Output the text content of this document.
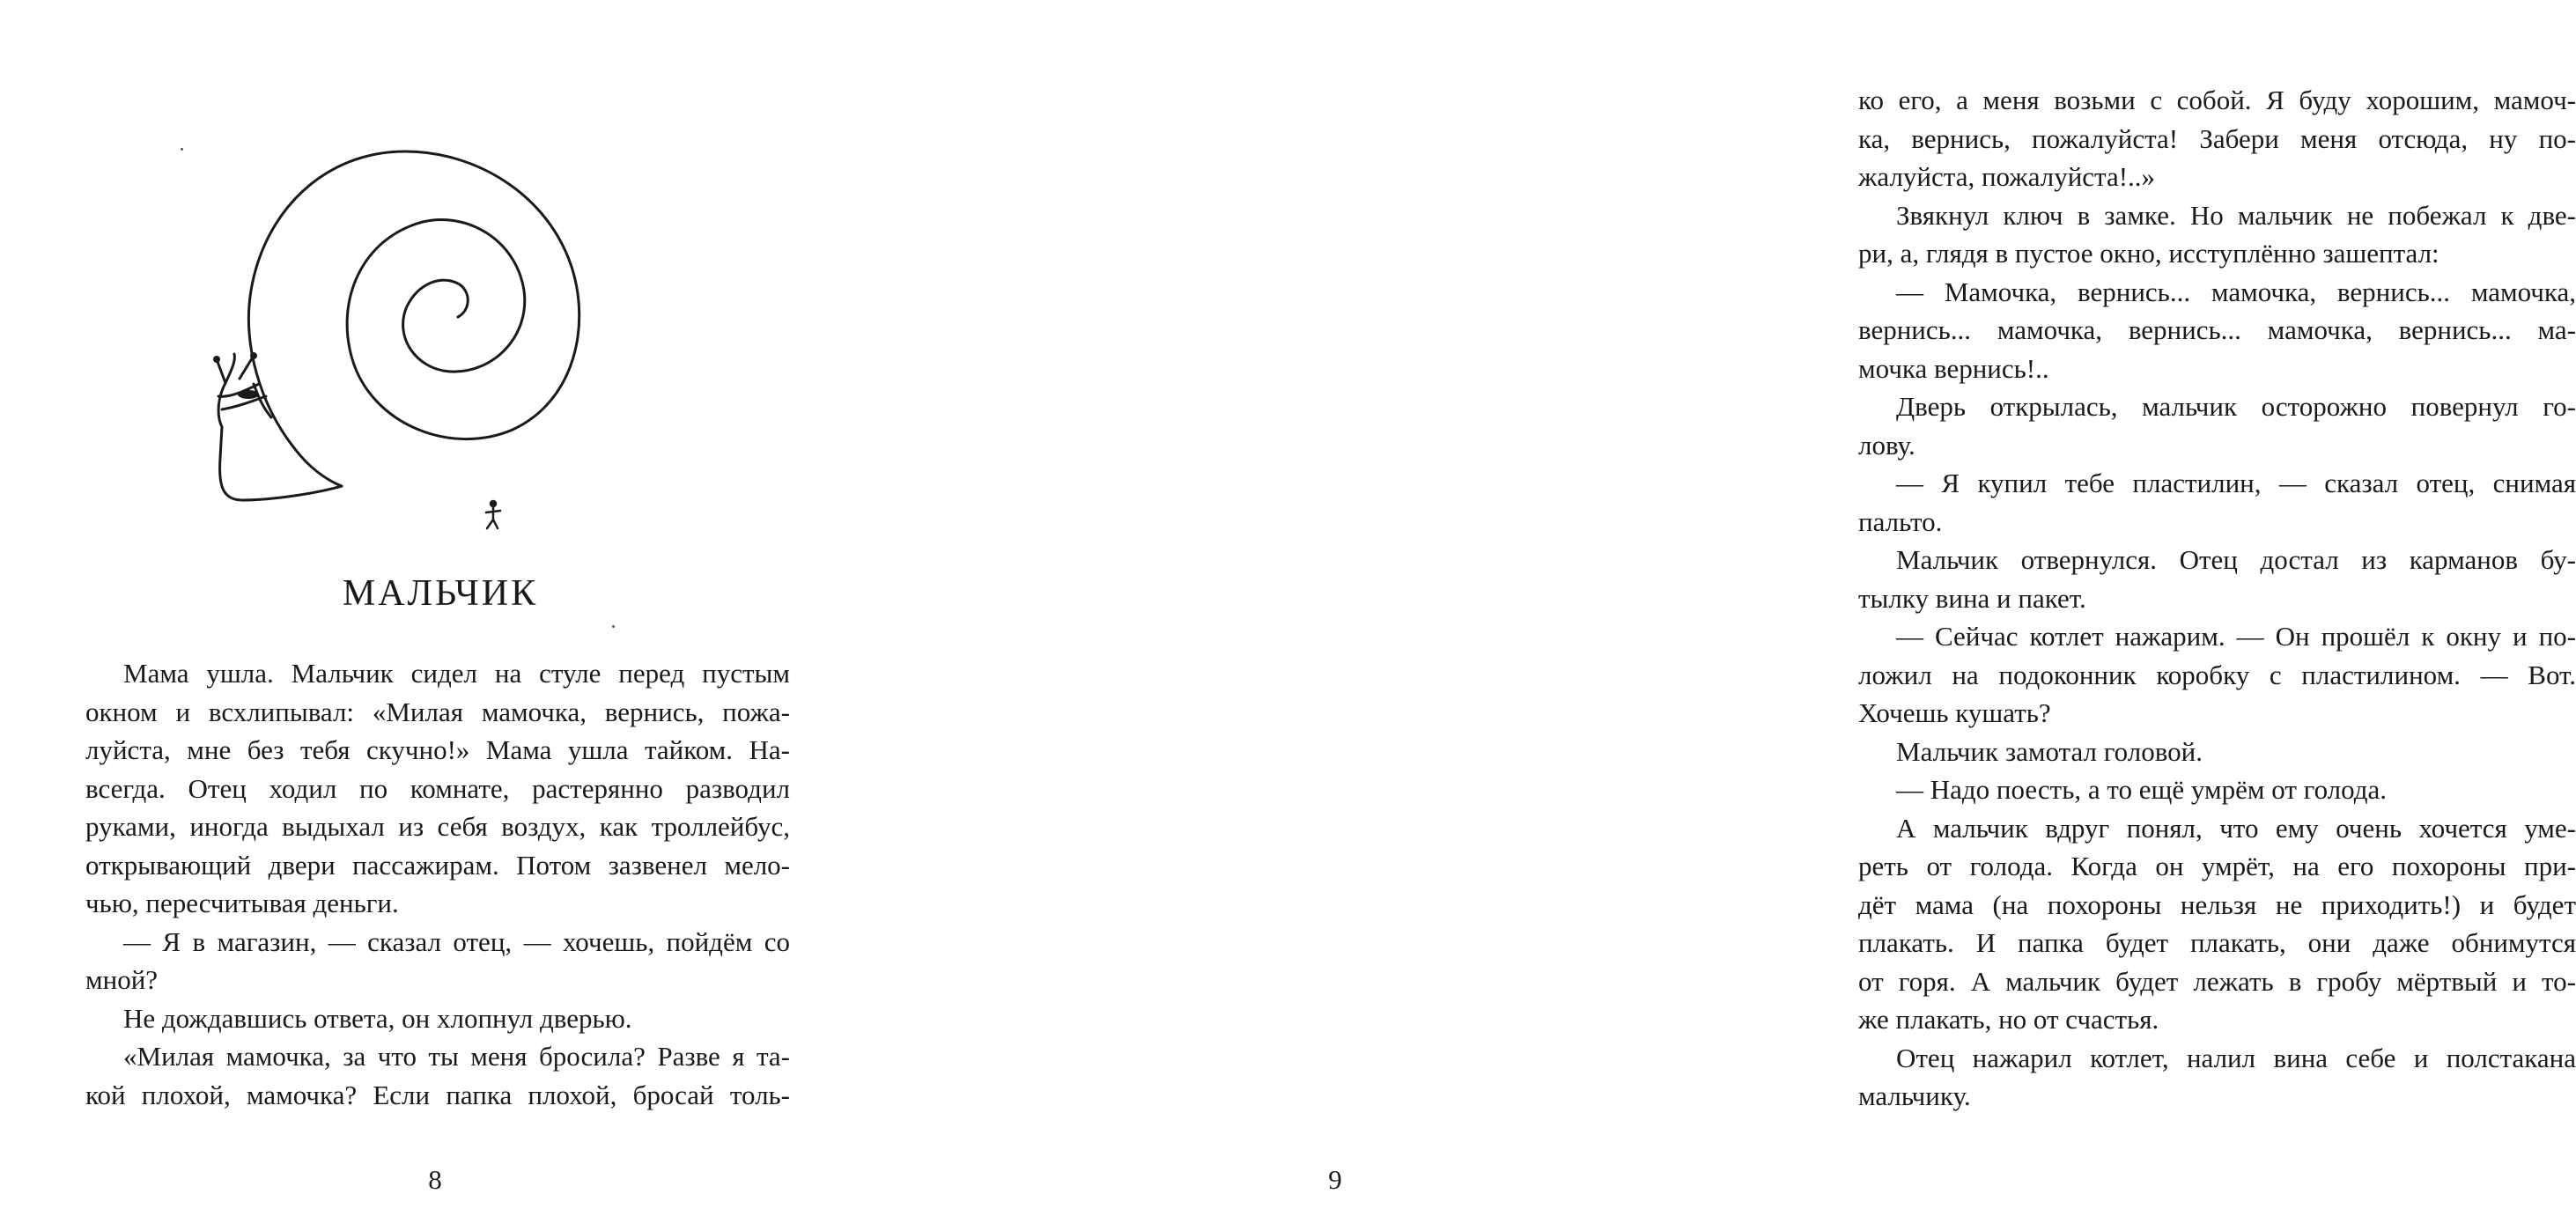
МАЛЬЧИК
Мама ушла. Мальчик сидел на стуле перед пустым
окном и всхлипывал: «Милая мамочка, вернись, пожа-
луйста, мне без тебя скучно!» Мама ушла тайком. На-
всегда. Отец ходил по комнате, растерянно разводил
руками, иногда выдыхал из себя воздух, как троллейбус,
открывающий двери пассажирам. Потом зазвенел мело-
чью, пересчитывая деньги.
— Я в магазин, — сказал отец, — хочешь, пойдём со
мной?
Не дождавшись ответа, он хлопнул дверью.
«Милая мамочка, за что ты меня бросила? Разве я та-
кой плохой, мамочка? Если папка плохой, бросай толь-
8
ко его, а меня возьми с собой. Я буду хорошим, мамоч-
ка, вернись, пожалуйста! Забери меня отсюда, ну по-
жалуйста, пожалуйста!..»
Звякнул ключ в замке. Но мальчик не побежал к две-
ри, а, глядя в пустое окно, исступлённо зашептал:
— Мамочка, вернись... мамочка, вернись... мамочка,
вернись... мамочка, вернись... мамочка, вернись... ма-
мочка вернись!..
Дверь открылась, мальчик осторожно повернул го-
лову.
— Я купил тебе пластилин, — сказал отец, снимая
пальто.
Мальчик отвернулся. Отец достал из карманов бу-
тылку вина и пакет.
— Сейчас котлет нажарим. — Он прошёл к окну и по-
ложил на подоконник коробку с пластилином. — Вот.
Хочешь кушать?
Мальчик замотал головой.
— Надо поесть, а то ещё умрём от голода.
А мальчик вдруг понял, что ему очень хочется уме-
реть от голода. Когда он умрёт, на его похороны при-
дёт мама (на похороны нельзя не приходить!) и будет
плакать. И папка будет плакать, они даже обнимутся
от горя. А мальчик будет лежать в гробу мёртвый и то-
же плакать, но от счастья.
Отец нажарил котлет, налил вина себе и полстакана
мальчику.
9
